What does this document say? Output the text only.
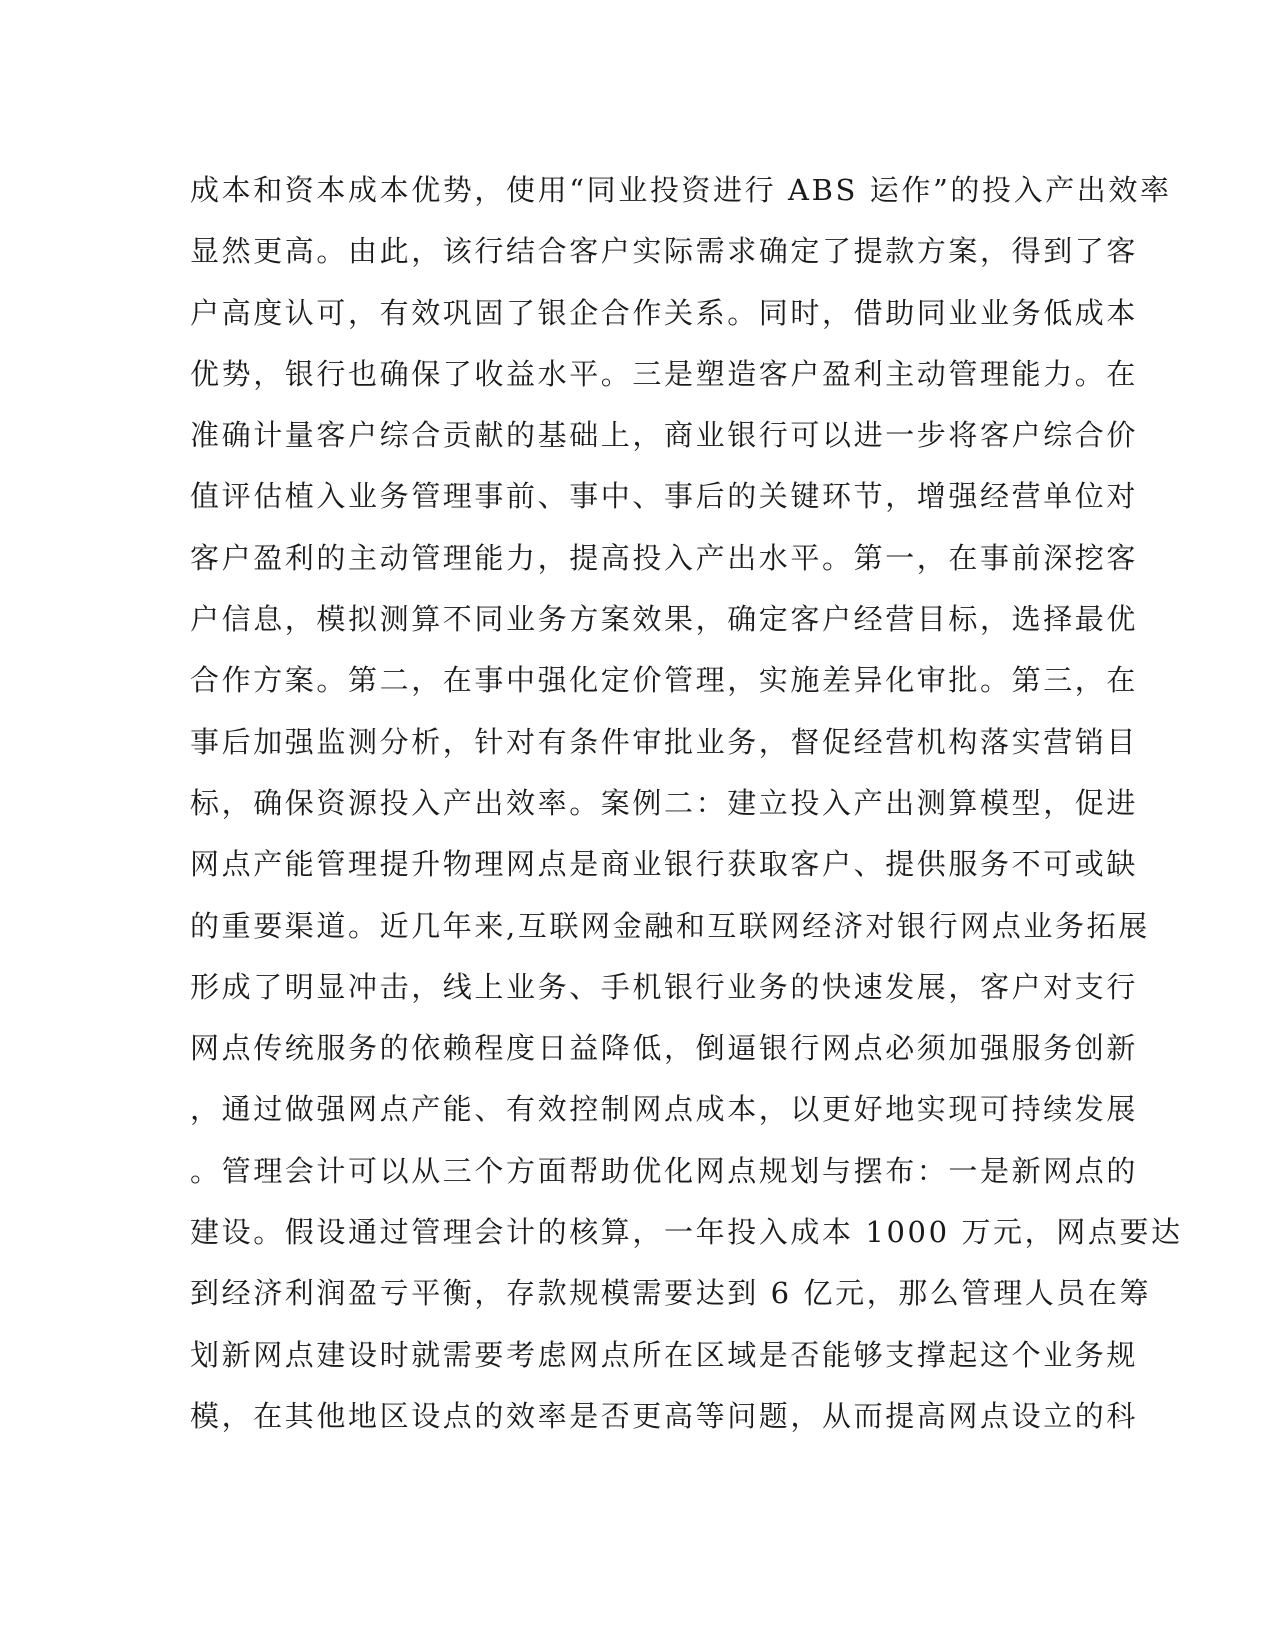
成本和资本成本优势，使用“同业投资进行 ABS 运作”的投入产出效率
显然更高。由此，该行结合客户实际需求确定了提款方案，得到了客
户高度认可，有效巩固了银企合作关系。同时，借助同业业务低成本
优势，银行也确保了收益水平。三是塑造客户盈利主动管理能力。在
准确计量客户综合贡献的基础上，商业银行可以进一步将客户综合价
值评估植入业务管理事前、事中、事后的关键环节，增强经营单位对
客户盈利的主动管理能力，提高投入产出水平。第一，在事前深挖客
户信息，模拟测算不同业务方案效果，确定客户经营目标，选择最优
合作方案。第二，在事中强化定价管理，实施差异化审批。第三，在
事后加强监测分析，针对有条件审批业务，督促经营机构落实营销目
标，确保资源投入产出效率。案例二：建立投入产出测算模型，促进
网点产能管理提升物理网点是商业银行获取客户、提供服务不可或缺
的重要渠道。近几年来,互联网金融和互联网经济对银行网点业务拓展
形成了明显冲击，线上业务、手机银行业务的快速发展，客户对支行
网点传统服务的依赖程度日益降低，倒逼银行网点必须加强服务创新
，通过做强网点产能、有效控制网点成本，以更好地实现可持续发展
。管理会计可以从三个方面帮助优化网点规划与摆布：一是新网点的
建设。假设通过管理会计的核算，一年投入成本 1000 万元，网点要达
到经济利润盈亏平衡，存款规模需要达到 6 亿元，那么管理人员在筹
划新网点建设时就需要考虑网点所在区域是否能够支撑起这个业务规
模，在其他地区设点的效率是否更高等问题，从而提高网点设立的科
